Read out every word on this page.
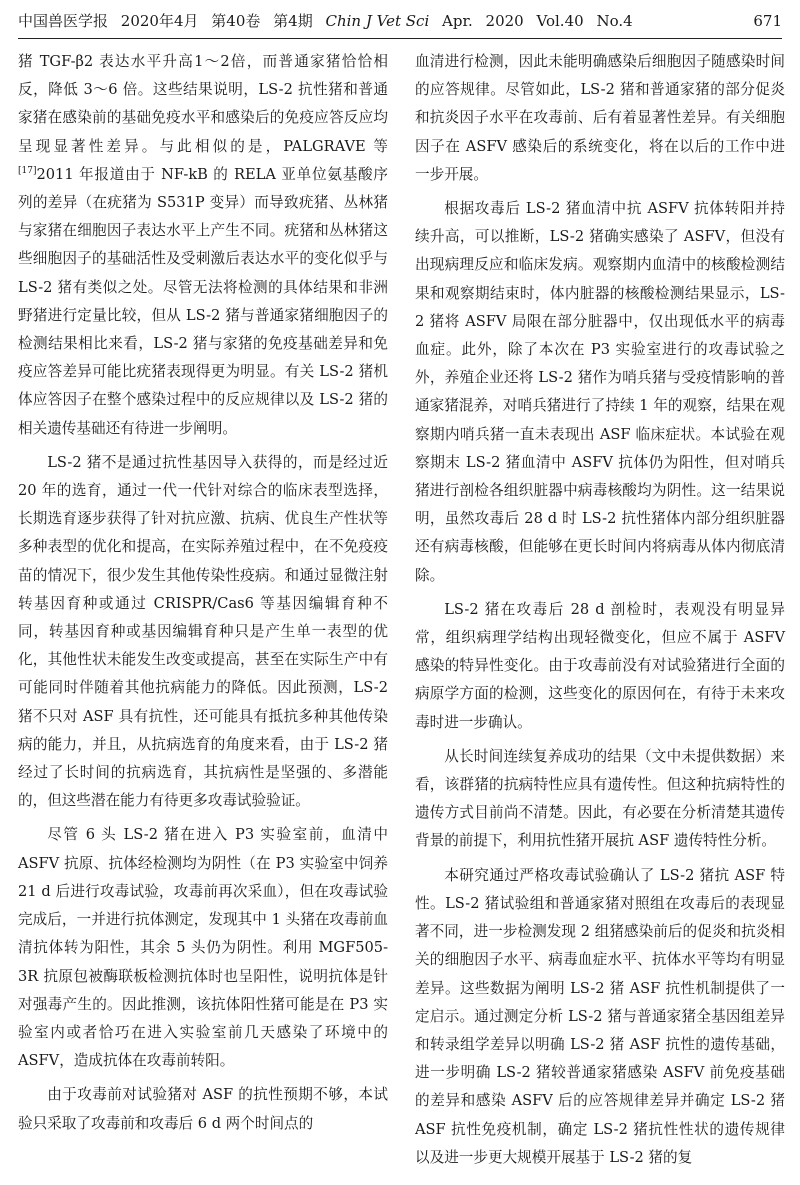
中国兽医学报 2020年4月 第40卷 第4期 Chin J Vet Sci Apr. 2020 Vol.40 No.4	671

猪 TGF-β2 表达水平升高1～2倍，而普通家猪恰恰相反，降低 3～6 倍。这些结果说明，LS-2 抗性猪和普通家猪在感染前的基础免疫水平和感染后的免疫应答反应均呈现显著性差异。与此相似的是，PALGRAVE 等[17]2011 年报道由于 NF-kB 的 RELA 亚单位氨基酸序列的差异（在疣猪为 S531P 变异）而导致疣猪、丛林猪与家猪在细胞因子表达水平上产生不同。疣猪和丛林猪这些细胞因子的基础活性及受刺激后表达水平的变化似乎与 LS-2 猪有类似之处。尽管无法将检测的具体结果和非洲野猪进行定量比较，但从 LS-2 猪与普通家猪细胞因子的检测结果相比来看，LS-2 猪与家猪的免疫基础差异和免疫应答差异可能比疣猪表现得更为明显。有关 LS-2 猪机体应答因子在整个感染过程中的反应规律以及 LS-2 猪的相关遗传基础还有待进一步阐明。

LS-2 猪不是通过抗性基因导入获得的，而是经过近 20 年的选育，通过一代一代针对综合的临床表型选择，长期选育逐步获得了针对抗应激、抗病、优良生产性状等多种表型的优化和提高，在实际养殖过程中，在不免疫疫苗的情况下，很少发生其他传染性疫病。和通过显微注射转基因育种或通过 CRISPR/Cas6 等基因编辑育种不同，转基因育种或基因编辑育种只是产生单一表型的优化，其他性状未能发生改变或提高，甚至在实际生产中有可能同时伴随着其他抗病能力的降低。因此预测，LS-2 猪不只对 ASF 具有抗性，还可能具有抵抗多种其他传染病的能力，并且，从抗病选育的角度来看，由于 LS-2 猪经过了长时间的抗病选育，其抗病性是坚强的、多潜能的，但这些潜在能力有待更多攻毒试验验证。

尽管 6 头 LS-2 猪在进入 P3 实验室前，血清中 ASFV 抗原、抗体经检测均为阴性（在 P3 实验室中饲养 21 d 后进行攻毒试验，攻毒前再次采血），但在攻毒试验完成后，一并进行抗体测定，发现其中 1 头猪在攻毒前血清抗体转为阳性，其余 5 头仍为阴性。利用 MGF505-3R 抗原包被酶联板检测抗体时也呈阳性，说明抗体是针对强毒产生的。因此推测，该抗体阳性猪可能是在 P3 实验室内或者恰巧在进入实验室前几天感染了环境中的 ASFV，造成抗体在攻毒前转阳。

由于攻毒前对试验猪对 ASF 的抗性预期不够，本试验只采取了攻毒前和攻毒后 6 d 两个时间点的

血清进行检测，因此未能明确感染后细胞因子随感染时间的应答规律。尽管如此，LS-2 猪和普通家猪的部分促炎和抗炎因子水平在攻毒前、后有着显著性差异。有关细胞因子在 ASFV 感染后的系统变化，将在以后的工作中进一步开展。

根据攻毒后 LS-2 猪血清中抗 ASFV 抗体转阳并持续升高，可以推断，LS-2 猪确实感染了 ASFV，但没有出现病理反应和临床发病。观察期内血清中的核酸检测结果和观察期结束时，体内脏器的核酸检测结果显示，LS-2 猪将 ASFV 局限在部分脏器中，仅出现低水平的病毒血症。此外，除了本次在 P3 实验室进行的攻毒试验之外，养殖企业还将 LS-2 猪作为哨兵猪与受疫情影响的普通家猪混养，对哨兵猪进行了持续 1 年的观察，结果在观察期内哨兵猪一直未表现出 ASF 临床症状。本试验在观察期末 LS-2 猪血清中 ASFV 抗体仍为阳性，但对哨兵猪进行剖检各组织脏器中病毒核酸均为阴性。这一结果说明，虽然攻毒后 28 d 时 LS-2 抗性猪体内部分组织脏器还有病毒核酸，但能够在更长时间内将病毒从体内彻底清除。

LS-2 猪在攻毒后 28 d 剖检时，表观没有明显异常，组织病理学结构出现轻微变化，但应不属于 ASFV 感染的特异性变化。由于攻毒前没有对试验猪进行全面的病原学方面的检测，这些变化的原因何在，有待于未来攻毒时进一步确认。

从长时间连续复养成功的结果（文中未提供数据）来看，该群猪的抗病特性应具有遗传性。但这种抗病特性的遗传方式目前尚不清楚。因此，有必要在分析清楚其遗传背景的前提下，利用抗性猪开展抗 ASF 遗传特性分析。

本研究通过严格攻毒试验确认了 LS-2 猪抗 ASF 特性。LS-2 猪试验组和普通家猪对照组在攻毒后的表现显著不同，进一步检测发现 2 组猪感染前后的促炎和抗炎相关的细胞因子水平、病毒血症水平、抗体水平等均有明显差异。这些数据为阐明 LS-2 猪 ASF 抗性机制提供了一定启示。通过测定分析 LS-2 猪与普通家猪全基因组差异和转录组学差异以明确 LS-2 猪 ASF 抗性的遗传基础，进一步明确 LS-2 猪较普通家猪感染 ASFV 前免疫基础的差异和感染 ASFV 后的应答规律差异并确定 LS-2 猪 ASF 抗性免疫机制，确定 LS-2 猪抗性性状的遗传规律以及进一步更大规模开展基于 LS-2 猪的复
